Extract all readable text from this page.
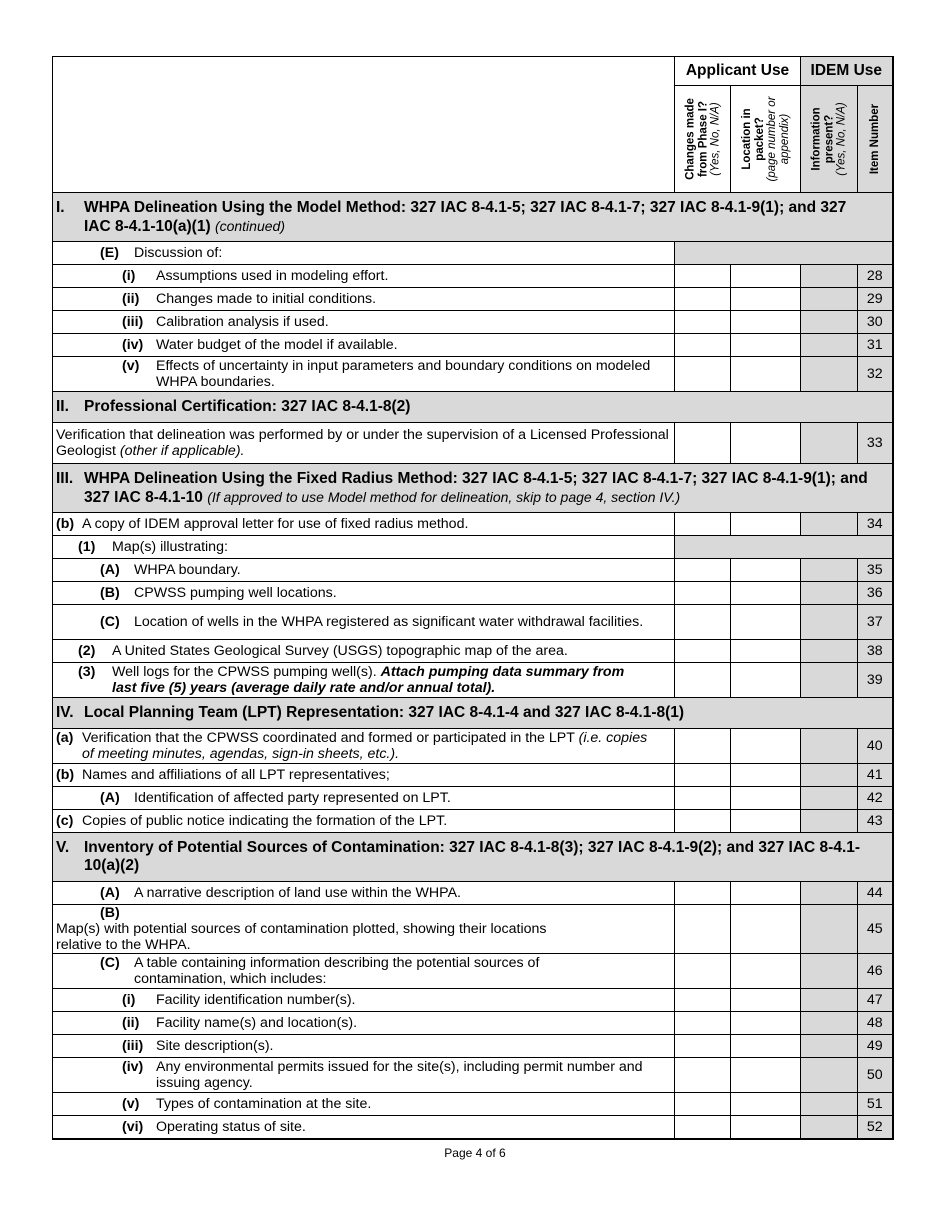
	Applicant Use		IDEM Use	

	Changes made from Phase I? (Yes, No, N/A)	Location in packet? (page number or appendix)	Information present? (Yes, No, N/A)	Item Number

I. WHPA Delineation Using the Model Method: 327 IAC 8-4.1-5; 327 IAC 8-4.1-7; 327 IAC 8-4.1-9(1); and 327 IAC 8-4.1-10(a)(1) (continued)				
(E) Discussion of:				
(i) Assumptions used in modeling effort.				28
(ii) Changes made to initial conditions.				29
(iii) Calibration analysis if used.				30
(iv) Water budget of the model if available.				31
(v) Effects of uncertainty in input parameters and boundary conditions on modeled WHPA boundaries.				32
II. Professional Certification: 327 IAC 8-4.1-8(2)				
Verification that delineation was performed by or under the supervision of a Licensed Professional Geologist (other if applicable).				33
III. WHPA Delineation Using the Fixed Radius Method: 327 IAC 8-4.1-5; 327 IAC 8-4.1-7; 327 IAC 8-4.1-9(1); and 327 IAC 8-4.1-10 (If approved to use Model method for delineation, skip to page 4, section IV.)				
(b) A copy of IDEM approval letter for use of fixed radius method.				34
(1) Map(s) illustrating:				
(A) WHPA boundary.				35
(B) CPWSS pumping well locations.				36
(C) Location of wells in the WHPA registered as significant water withdrawal facilities.				37
(2) A United States Geological Survey (USGS) topographic map of the area.				38
(3) Well logs for the CPWSS pumping well(s). Attach pumping data summary from last five (5) years (average daily rate and/or annual total).				39
IV. Local Planning Team (LPT) Representation: 327 IAC 8-4.1-4 and 327 IAC 8-4.1-8(1)				
(a) Verification that the CPWSS coordinated and formed or participated in the LPT (i.e. copies of meeting minutes, agendas, sign-in sheets, etc.).				40
(b) Names and affiliations of all LPT representatives;				41
(A) Identification of affected party represented on LPT.				42
(c) Copies of public notice indicating the formation of the LPT.				43
V. Inventory of Potential Sources of Contamination: 327 IAC 8-4.1-8(3); 327 IAC 8-4.1-9(2); and 327 IAC 8-4.1-10(a)(2)				
(A) A narrative description of land use within the WHPA.				44
(B)Map(s) with potential sources of contamination plotted, showing their locations relative to the WHPA.				45
(C) A table containing information describing the potential sources of contamination, which includes:				46
(i) Facility identification number(s).				47
(ii) Facility name(s) and location(s).				48
(iii) Site description(s).				49
(iv) Any environmental permits issued for the site(s), including permit number and issuing agency.				50
(v) Types of contamination at the site.				51
(vi) Operating status of site.				52
Page 4 of 6
